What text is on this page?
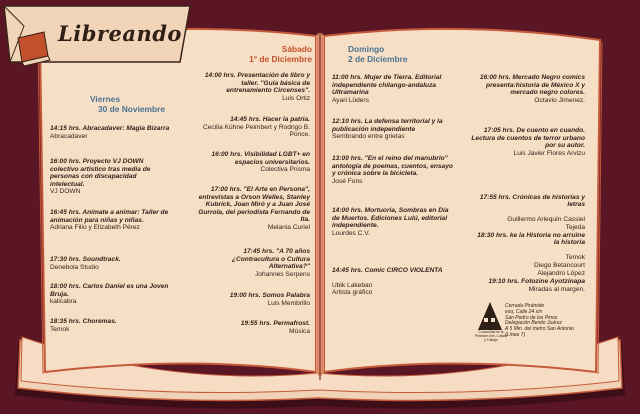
Libreando
Viernes
30 de Noviembre
Sábado
1° de Diciembre
Domingo
2 de Diciembre
14:15 hrs. Abracadaver: Magia Bizarra
Abracadaver
16:00 hrs. Proyecto VJ DOWN colectivo artístico tras media de personas con discapacidad intelectual.
VJ DOWN
16:45 hrs. Anímate a animar: Taller de animación para niñas y niñas.
Adriana Filio y Elizabeth Pérez
17:30 hrs. Soundtrack.
Denebola Studio
18:00 hrs. Carlos Daniel es una Joven Bruja.
kalicabra
18:35 hrs. Choremas.
Temok
14:00 hrs. Presentación de libro y taller. "Guía básica de entrenamiento Circenses".
Luis Ortiz
14:45 hrs. Hacer la patria.
Cecilia Kühne Peimbert y Rodrigo B. Ponce.
16:00 hrs. Visibilidad LGBT+ en espacios universitarios.
Colectiva Prisma
17:00 hrs. "El Arte en Persona", entrevistas a Orson Welles, Stanley Kubrick, Joan Miró y a Juan José Gurrola, del periodista Fernando de Ita.
Melania Curiel
17:45 hrs. "A 70 años ¿Contracultura o Cultura Alternativa?"
Johannes Serpens
19:00 hrs. Somos Palabra
Luis Membrillo
19:55 hrs. Permafrost.
Música
11:00 hrs. Mujer de Tierra. Editorial independiente chilango-andaluza Ultramarina
Ayari Lüders
12:10 hrs. La defensa territorial y la publicación independiente
Sembrando entre grietas
13:00 hrs. "En el reino del manubrio" antología de poemas, cuentos, ensayo y crónica sobre la bicicleta.
José Fons
14:00 hrs. Mortuoria, Sombras en Día de Muertos. Ediciones Lulú, editorial independiente.
Lourdes C.V.

14:45 hrs. Comic CIRCO VIOLENTA

Ubik Lakeban
Artista gráfico

16:00 hrs. Mercado Negro comics presenta:historia de México X y mercado negro colores.
Octavio Jimenez.
17:05 hrs. De cuento en cuando. Lectura de cuentos de terror urbano por su autor.
Luis Javier Flores Arvizu

17:55 hrs. Crónicas de historias y letras

Guillermo Arlequín Cassiel
Tejeda

18:30 hrs. ke la Historia no arruine la historia

Temok
Diego Betancourt
Alejandro López

19:10 hrs. Fotozine Ayotzinapa
Miradas al margen.
Comunidad de la Pirámide Arte, Cultura y Trabajo
Cerrada Pirámide
esq. Calle 24 s/n
San Pedro de los Pinos.
Delegación Benito Juárez
A 5 Min. del metro San Antonio
(Línea 7)
